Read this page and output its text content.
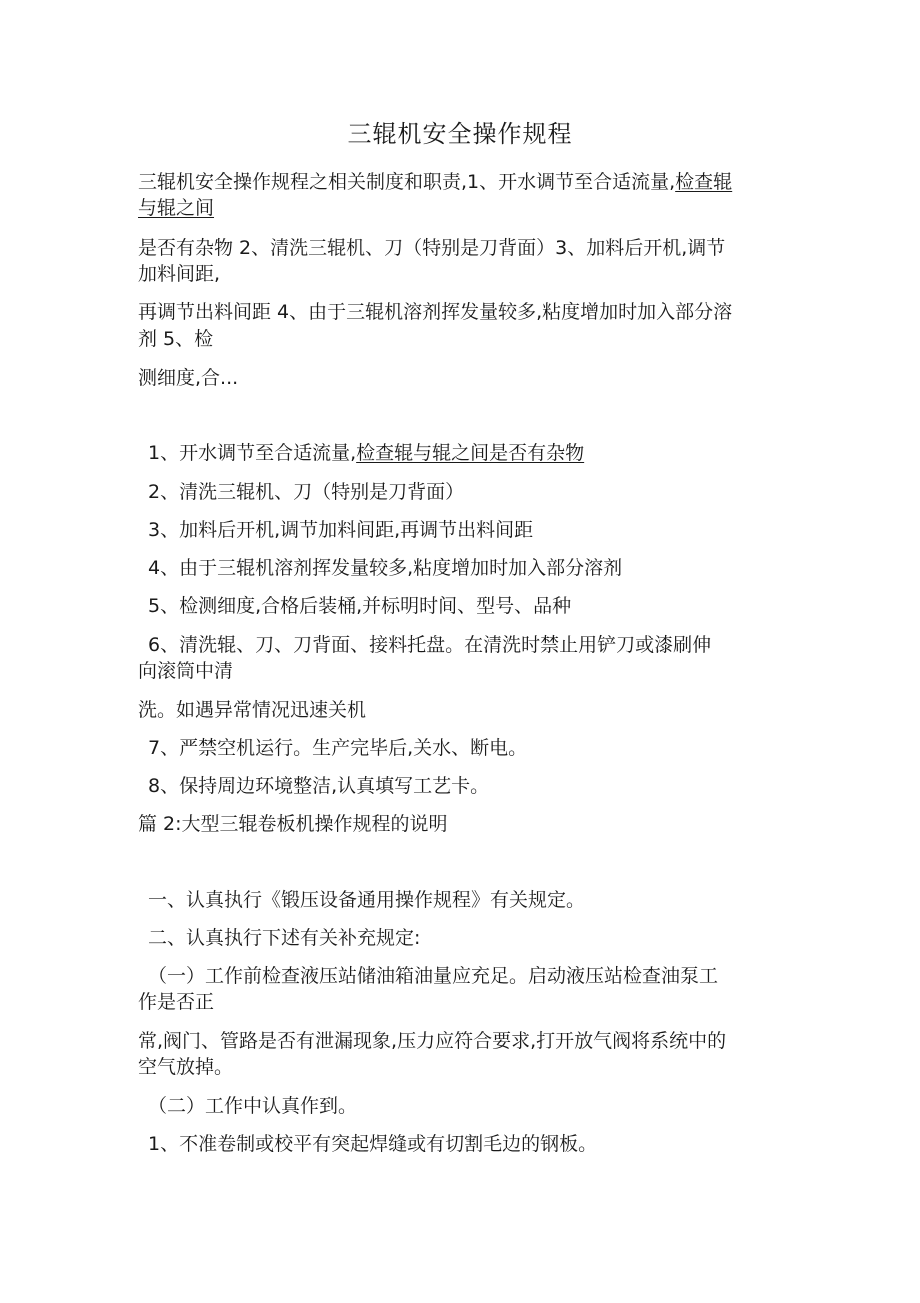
三辊机安全操作规程
三辊机安全操作规程之相关制度和职责,1、开水调节至合适流量,检查辊
与辊之间
是否有杂物 2、清洗三辊机、刀（特别是刀背面）3、加料后开机,调节
加料间距,
再调节出料间距 4、由于三辊机溶剂挥发量较多,粘度增加时加入部分溶
剂 5、检
测细度,合...
1、开水调节至合适流量,检查辊与辊之间是否有杂物
2、清洗三辊机、刀（特别是刀背面）
3、加料后开机,调节加料间距,再调节出料间距
4、由于三辊机溶剂挥发量较多,粘度增加时加入部分溶剂
5、检测细度,合格后装桶,并标明时间、型号、品种
6、清洗辊、刀、刀背面、接料托盘。在清洗时禁止用铲刀或漆刷伸
向滚筒中清
洗。如遇异常情况迅速关机
7、严禁空机运行。生产完毕后,关水、断电。
8、保持周边环境整洁,认真填写工艺卡。
篇 2:大型三辊卷板机操作规程的说明
一、认真执行《锻压设备通用操作规程》有关规定。
二、认真执行下述有关补充规定:
（一）工作前检查液压站储油箱油量应充足。启动液压站检查油泵工
作是否正
常,阀门、管路是否有泄漏现象,压力应符合要求,打开放气阀将系统中的
空气放掉。
（二）工作中认真作到。
1、不准卷制或校平有突起焊缝或有切割毛边的钢板。
